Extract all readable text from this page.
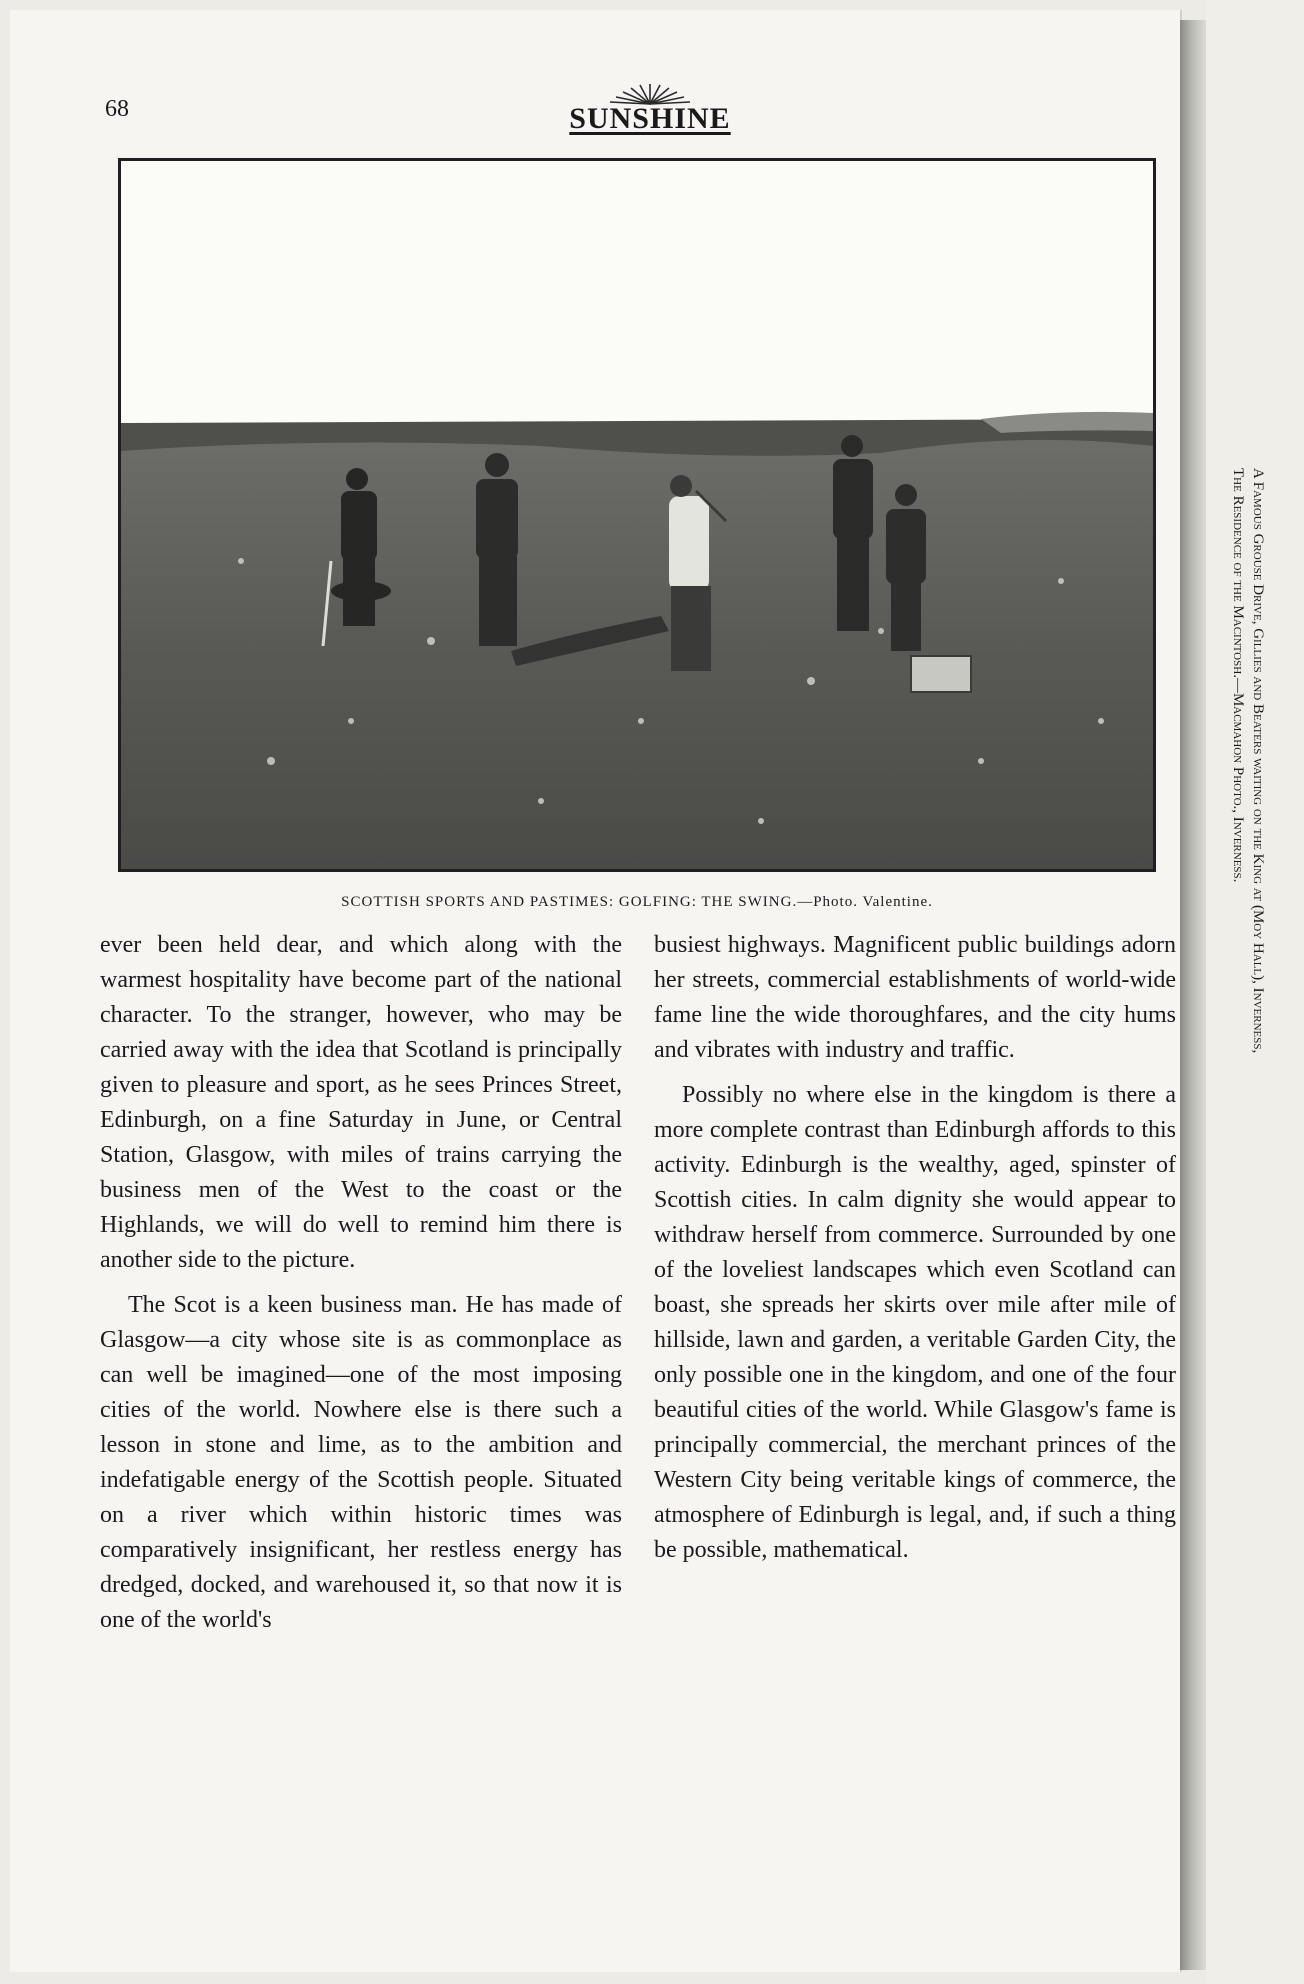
68	SUNSHINE
SCOTTISH SPORTS AND PASTIMES: GOLFING: THE SWING.—Photo. Valentine.

ever been held dear, and which along with the warmest hospitality have become part of the national character. To the stranger, however, who may be carried away with the idea that Scotland is principally given to pleasure and sport, as he sees Princes Street, Edinburgh, on a fine Saturday in June, or Central Station, Glasgow, with miles of trains carrying the business men of the West to the coast or the Highlands, we will do well to remind him there is another side to the picture.

The Scot is a keen business man. He has made of Glasgow—a city whose site is as commonplace as can well be imagined—one of the most imposing cities of the world. Nowhere else is there such a lesson in stone and lime, as to the ambition and indefatigable energy of the Scottish people. Situated on a river which within historic times was comparatively insignificant, her restless energy has dredged, docked, and warehoused it, so that now it is one of the world's

busiest highways. Magnificent public buildings adorn her streets, commercial establishments of world-wide fame line the wide thoroughfares, and the city hums and vibrates with industry and traffic.

Possibly no where else in the kingdom is there a more complete contrast than Edinburgh affords to this activity. Edinburgh is the wealthy, aged, spinster of Scottish cities. In calm dignity she would appear to withdraw herself from commerce. Surrounded by one of the loveliest landscapes which even Scotland can boast, she spreads her skirts over mile after mile of hillside, lawn and garden, a veritable Garden City, the only possible one in the kingdom, and one of the four beautiful cities of the world. While Glasgow's fame is principally commercial, the merchant princes of the Western City being veritable kings of commerce, the atmosphere of Edinburgh is legal, and, if such a thing be possible, mathematical.

A Famous Grouse Drive, Gillies and Beaters waiting on the King at (Moy Hall), Inverness,
The Residence of the Macintosh.—Macmahon Photo., Inverness.
